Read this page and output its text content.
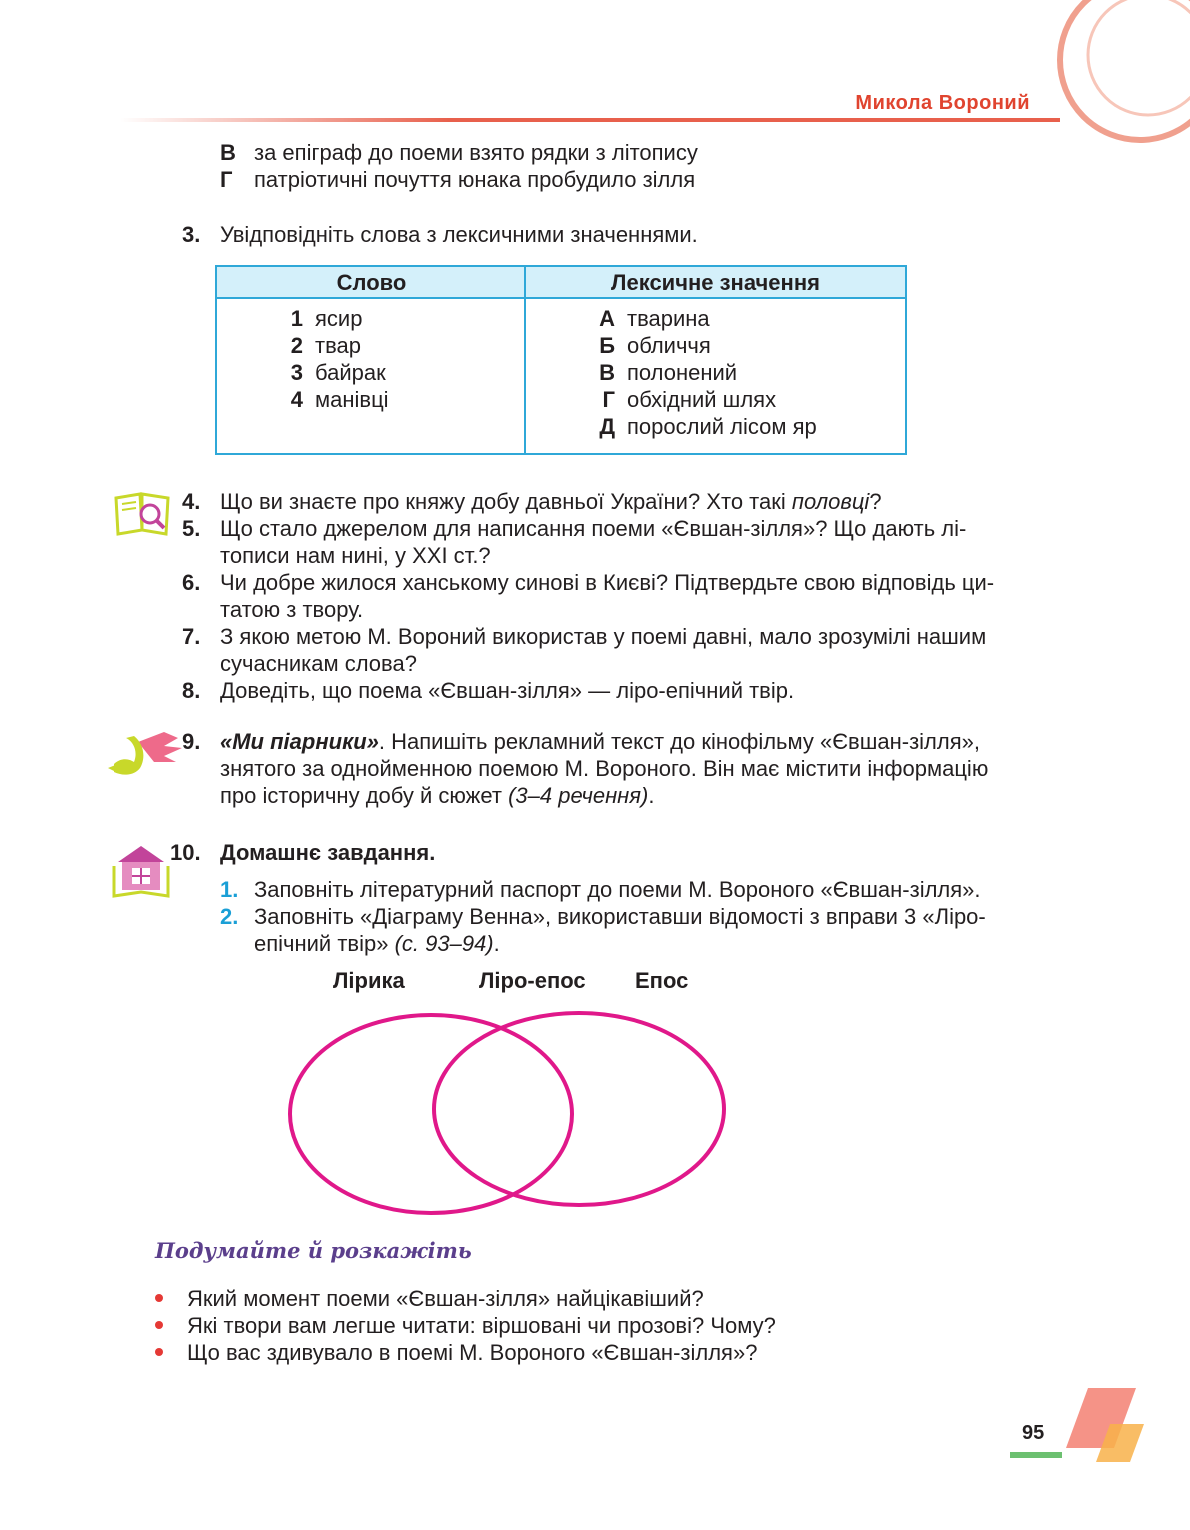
Микола Вороний
В за епіграф до поеми взято рядки з літопису
Г патріотичні почуття юнака пробудило зілля
3. Увідповідніть слова з лексичними значеннями.
Слово	Лексичне значення
1 ясир
2 твар
3 байрак
4 манівці
А тварина
Б обличчя
В полонений
Г обхідний шлях
Д порослий лісом яр
4. Що ви знаєте про княжу добу давньої України? Хто такі половці?
5. Що стало джерелом для написання поеми «Євшан-зілля»? Що дають лі-
тописи нам нині, у XXI ст.?
6. Чи добре жилося ханському синові в Києві? Підтвердьте свою відповідь ци-
татою з твору.
7. З якою метою М. Вороний використав у поемі давні, мало зрозумілі нашим
сучасникам слова?
8. Доведіть, що поема «Євшан-зілля» — ліро-епічний твір.
9. «Ми піарники». Напишіть рекламний текст до кінофільму «Євшан-зілля»,
знятого за однойменною поемою М. Вороного. Він має містити інформацію
про історичну добу й сюжет (3–4 речення).
10. Домашнє завдання.
1. Заповніть літературний паспорт до поеми М. Вороного «Євшан-зілля».
2. Заповніть «Діаграму Венна», використавши відомості з вправи 3 «Ліро-
епічний твір» (с. 93–94).
Лірика	Ліро-епос Епос
Подумайте й розкажіть
Який момент поеми «Євшан-зілля» найцікавіший?
Які твори вам легше читати: віршовані чи прозові? Чому?
Що вас здивувало в поемі М. Вороного «Євшан-зілля»?
95
